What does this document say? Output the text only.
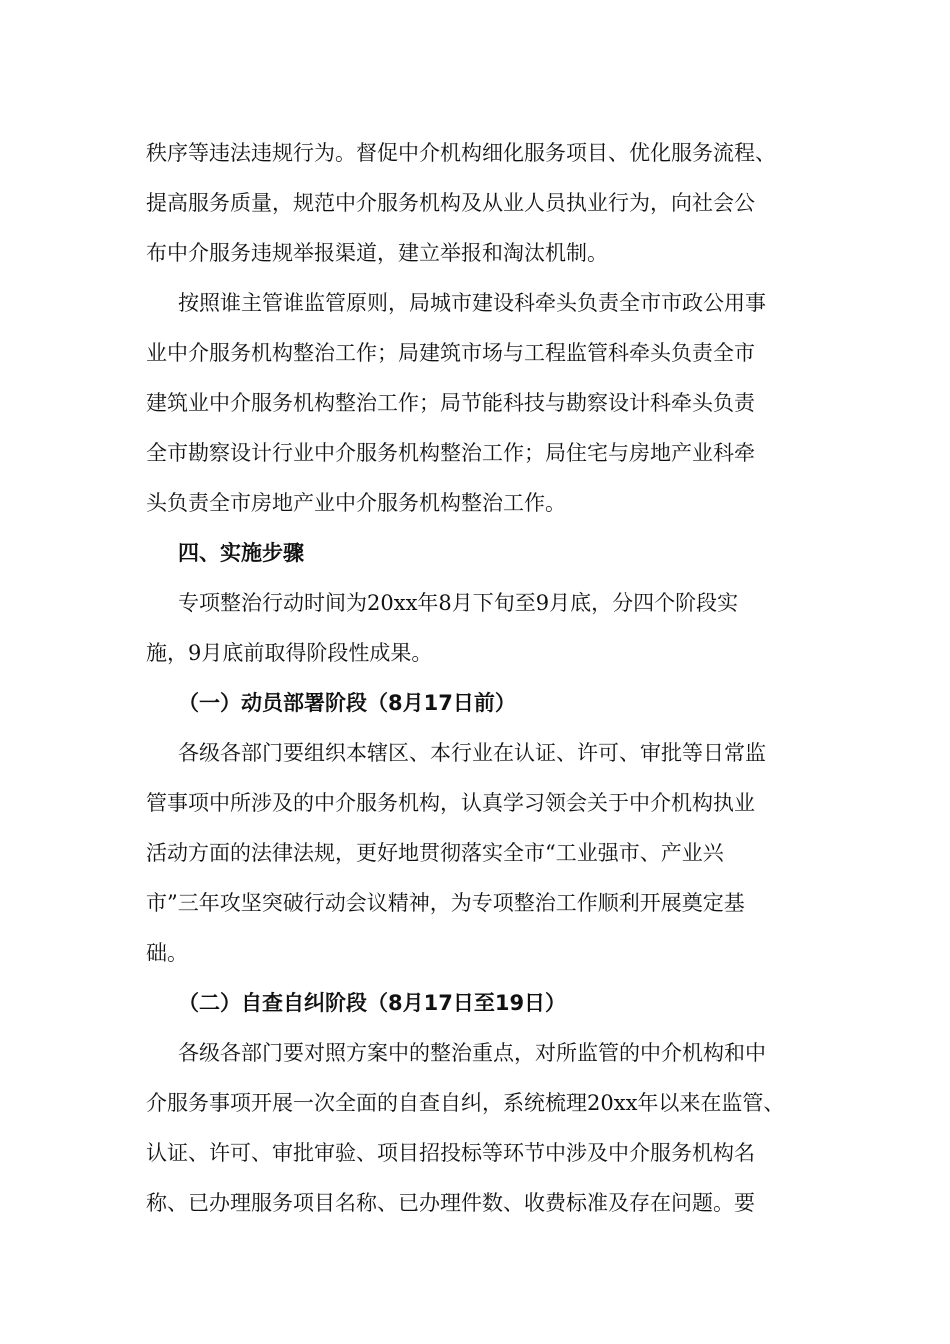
秩序等违法违规行为。督促中介机构细化服务项目、优化服务流程、
提高服务质量，规范中介服务机构及从业人员执业行为，向社会公
布中介服务违规举报渠道，建立举报和淘汰机制。
按照谁主管谁监管原则，局城市建设科牵头负责全市市政公用事
业中介服务机构整治工作；局建筑市场与工程监管科牵头负责全市
建筑业中介服务机构整治工作；局节能科技与勘察设计科牵头负责
全市勘察设计行业中介服务机构整治工作；局住宅与房地产业科牵
头负责全市房地产业中介服务机构整治工作。
四、实施步骤
专项整治行动时间为20xx年8月下旬至9月底，分四个阶段实
施，9月底前取得阶段性成果。
（一）动员部署阶段（8月17日前）
各级各部门要组织本辖区、本行业在认证、许可、审批等日常监
管事项中所涉及的中介服务机构，认真学习领会关于中介机构执业
活动方面的法律法规，更好地贯彻落实全市“工业强市、产业兴
市”三年攻坚突破行动会议精神，为专项整治工作顺利开展奠定基
础。
（二）自查自纠阶段（8月17日至19日）
各级各部门要对照方案中的整治重点，对所监管的中介机构和中
介服务事项开展一次全面的自查自纠，系统梳理20xx年以来在监管、
认证、许可、审批审验、项目招投标等环节中涉及中介服务机构名
称、已办理服务项目名称、已办理件数、收费标准及存在问题。要
